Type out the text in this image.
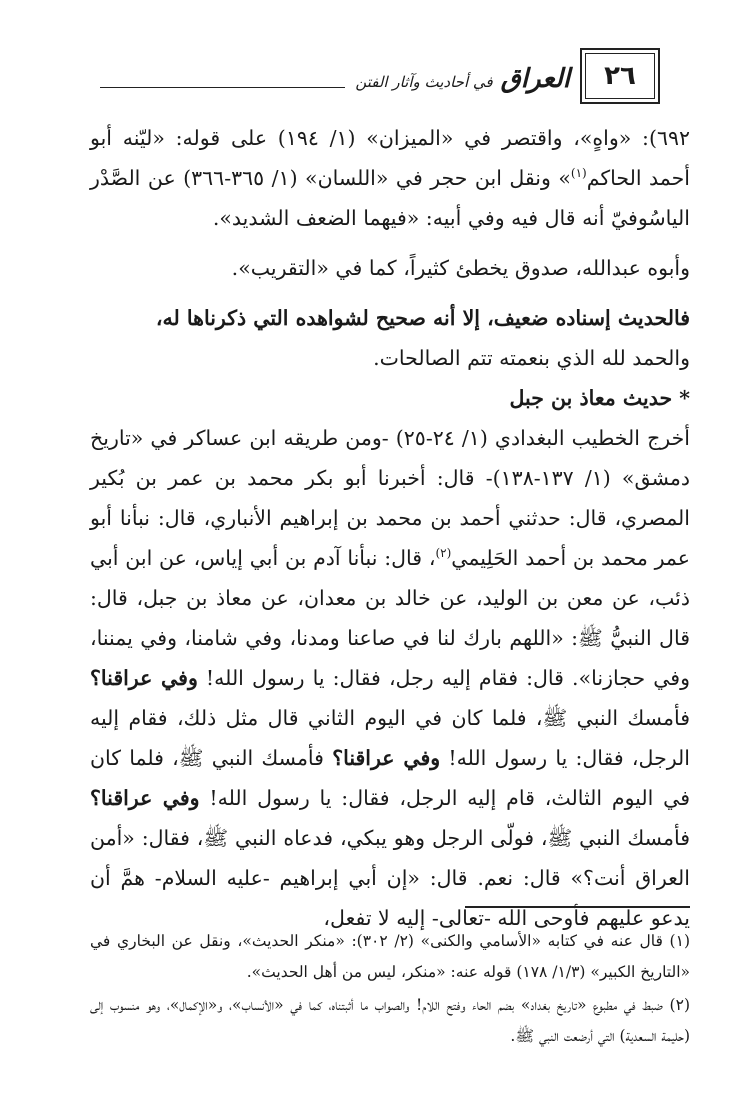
٢٦
العراق
في أحاديث وآثار الفتن

٦٩٢): «واهٍ»، واقتصر في «الميزان» (١/ ١٩٤) على قوله: «ليّنه أبو أحمد الحاكم$^{(١)}$» ونقل ابن حجر في «اللسان» (١/ ٣٦٥-٣٦٦) عن الصَّدْر الياسُوفيّ أنه قال فيه وفي أبيه: «فيهما الضعف الشديد».

وأبوه عبدالله، صدوق يخطئ كثيراً، كما في «التقريب».

فالحديث إسناده ضعيف، إلا أنه صحيح لشواهده التي ذكرناها له،

والحمد لله الذي بنعمته تتم الصالحات.

* حديث معاذ بن جبل

أخرج الخطيب البغدادي (١/ ٢٤-٢٥) -ومن طريقه ابن عساكر في «تاريخ دمشق» (١/ ١٣٧-١٣٨)- قال: أخبرنا أبو بكر محمد بن عمر بن بُكير المصري، قال: حدثني أحمد بن محمد بن إبراهيم الأنباري، قال: نبأنا أبو عمر محمد بن أحمد الحَلِيمي$^{(٢)}$، قال: نبأنا آدم بن أبي إياس، عن ابن أبي ذئب، عن معن بن الوليد، عن خالد بن معدان، عن معاذ بن جبل، قال: قال النبيُّ ﷺ: «اللهم بارك لنا في صاعنا ومدنا، وفي شامنا، وفي يمننا، وفي حجازنا». قال: فقام إليه رجل، فقال: يا رسول الله! وفي عراقنا؟ فأمسك النبي ﷺ، فلما كان في اليوم الثاني قال مثل ذلك، فقام إليه الرجل، فقال: يا رسول الله! وفي عراقنا؟ فأمسك النبي ﷺ، فلما كان في اليوم الثالث، قام إليه الرجل، فقال: يا رسول الله! وفي عراقنا؟ فأمسك النبي ﷺ، فولّى الرجل وهو يبكي، فدعاه النبي ﷺ، فقال: «أمن العراق أنت؟» قال: نعم. قال: «إن أبي إبراهيم -عليه السلام- همَّ أن يدعو عليهم فأوحى الله -تعالى- إليه لا تفعل،

(١) قال عنه في كتابه «الأسامي والكنى» (٢/ ٣٠٢): «منكر الحديث»، ونقل عن البخاري في «التاريخ الكبير» (١/٣/ ١٧٨) قوله عنه: «منكر، ليس من أهل الحديث».

(٢) ضبط في مطبوع «تاريخ بغداد» بضم الحاء وفتح اللام! والصواب ما أثبتناه، كما في «الأنساب»، و«الإكمال»، وهو منسوب إلى (حليمة السعدية) التي أرضعت النبي ﷺ.
